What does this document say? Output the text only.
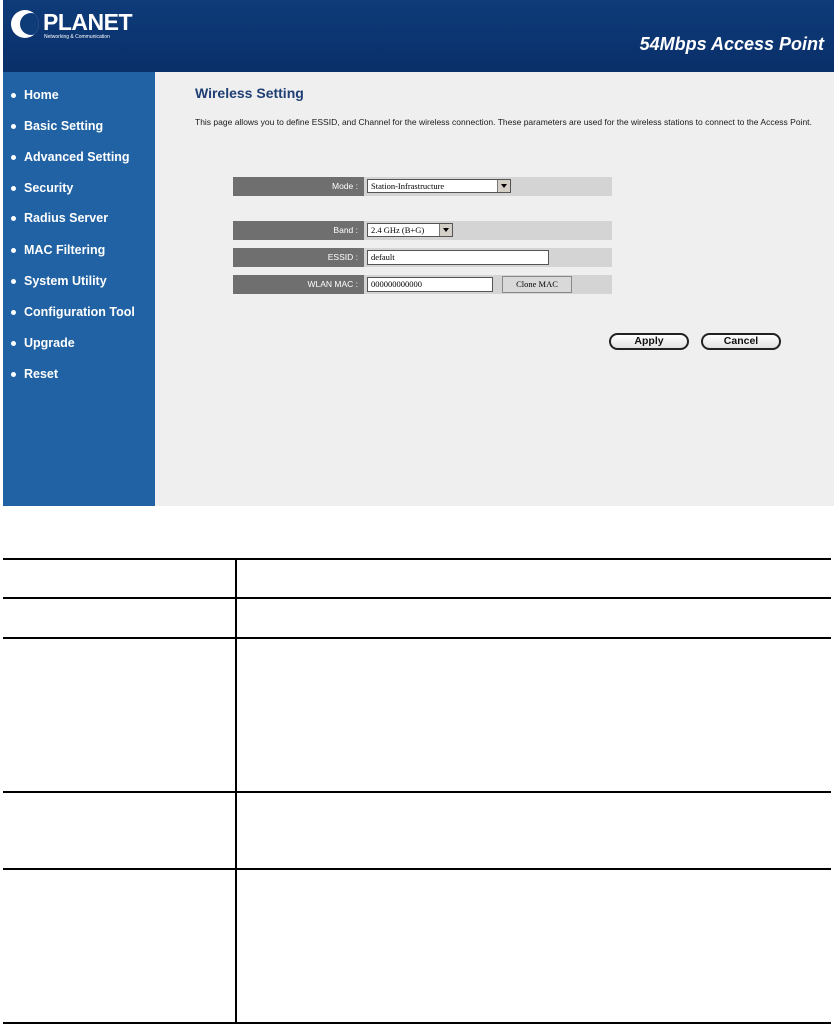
PLANET
Networking & Communication	54Mbps Access Point
Home
Basic Setting
Advanced Setting
Security
Radius Server
MAC Filtering
System Utility
Configuration Tool
Upgrade
Reset
Wireless Setting
This page allows you to define ESSID, and Channel for the wireless connection. These parameters are used for the wireless stations to connect to the Access Point.
Mode :	Station-Infrastructure
Band :	2.4 GHz (B+G)
ESSID :	default
WLAN MAC :	000000000000	Clone MAC
Apply	Cancel
